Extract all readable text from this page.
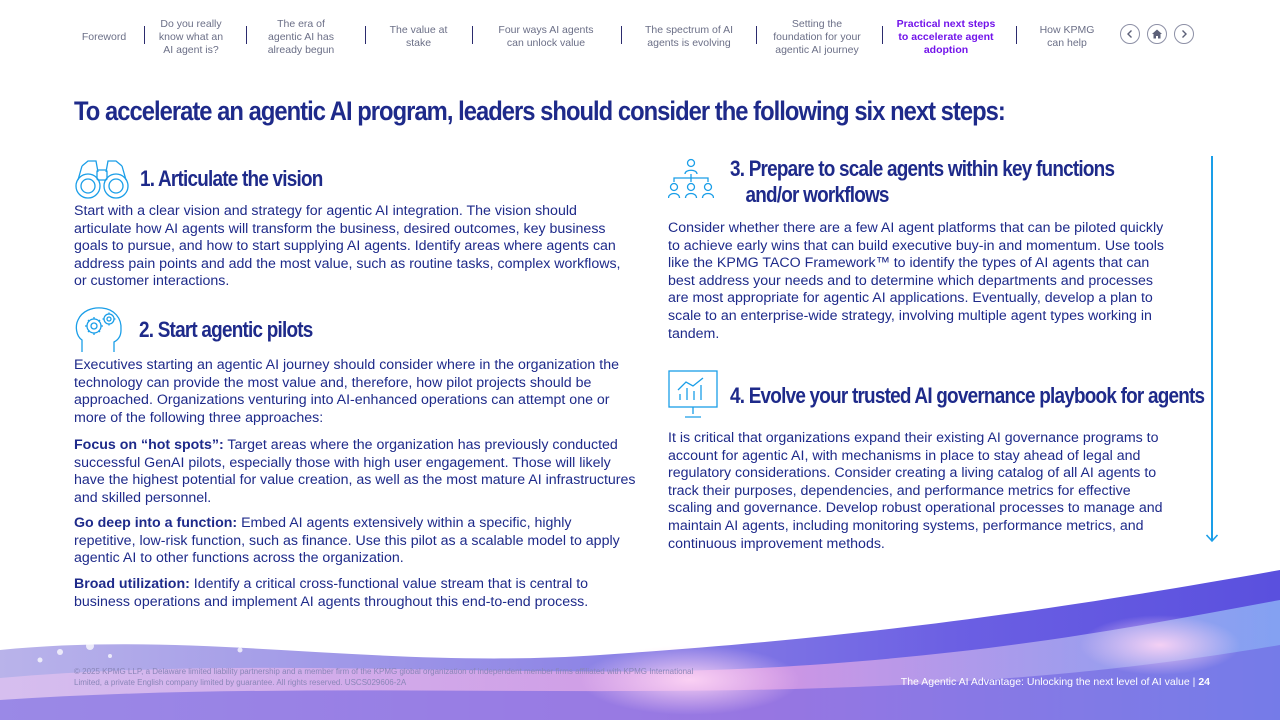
Foreword
Do you really
know what an
AI agent is?
The era of
agentic AI has
already begun
The value at
stake
Four ways AI agents
can unlock value
The spectrum of AI
agents is evolving
Setting the
foundation for your
agentic AI journey
Practical next steps
to accelerate agent
adoption
How KPMG
can help
To accelerate an agentic AI program, leaders should consider the following six next steps:
1. Articulate the vision

Start with a clear vision and strategy for agentic AI integration. The vision should articulate how AI agents will transform the business, desired outcomes, key business goals to pursue, and how to start supplying AI agents. Identify areas where agents can address pain points and add the most value, such as routine tasks, complex workflows, or customer interactions.

2. Start agentic pilots

Executives starting an agentic AI journey should consider where in the organization the technology can provide the most value and, therefore, how pilot projects should be approached. Organizations venturing into AI-enhanced operations can attempt one or more of the following three approaches:

Focus on “hot spots”: Target areas where the organization has previously conducted successful GenAI pilots, especially those with high user engagement. Those will likely have the highest potential for value creation, as well as the most mature AI infrastructures and skilled personnel.

Go deep into a function: Embed AI agents extensively within a specific, highly repetitive, low-risk function, such as finance. Use this pilot as a scalable model to apply agentic AI to other functions across the organization.

Broad utilization: Identify a critical cross-functional value stream that is central to business operations and implement AI agents throughout this end-to-end process.

3. Prepare to scale agents within key functions
and/or workflows

Consider whether there are a few AI agent platforms that can be piloted quickly to achieve early wins that can build executive buy-in and momentum. Use tools like the KPMG TACO Framework™ to identify the types of AI agents that can best address your needs and to determine which departments and processes are most appropriate for agentic AI applications. Eventually, develop a plan to scale to an enterprise-wide strategy, involving multiple agent types working in tandem.

4. Evolve your trusted AI governance playbook for agents

It is critical that organizations expand their existing AI governance programs to account for agentic AI, with mechanisms in place to stay ahead of legal and regulatory considerations. Consider creating a living catalog of all AI agents to track their purposes, dependencies, and performance metrics for effective scaling and governance. Develop robust operational processes to manage and maintain AI agents, including monitoring systems, performance metrics, and continuous improvement methods.

© 2025 KPMG LLP, a Delaware limited liability partnership and a member firm of the KPMG global organization of independent member firms affiliated with KPMG International Limited, a private English company limited by guarantee. All rights reserved. USCS029606-2A	The Agentic AI Advantage: Unlocking the next level of AI value | 24
